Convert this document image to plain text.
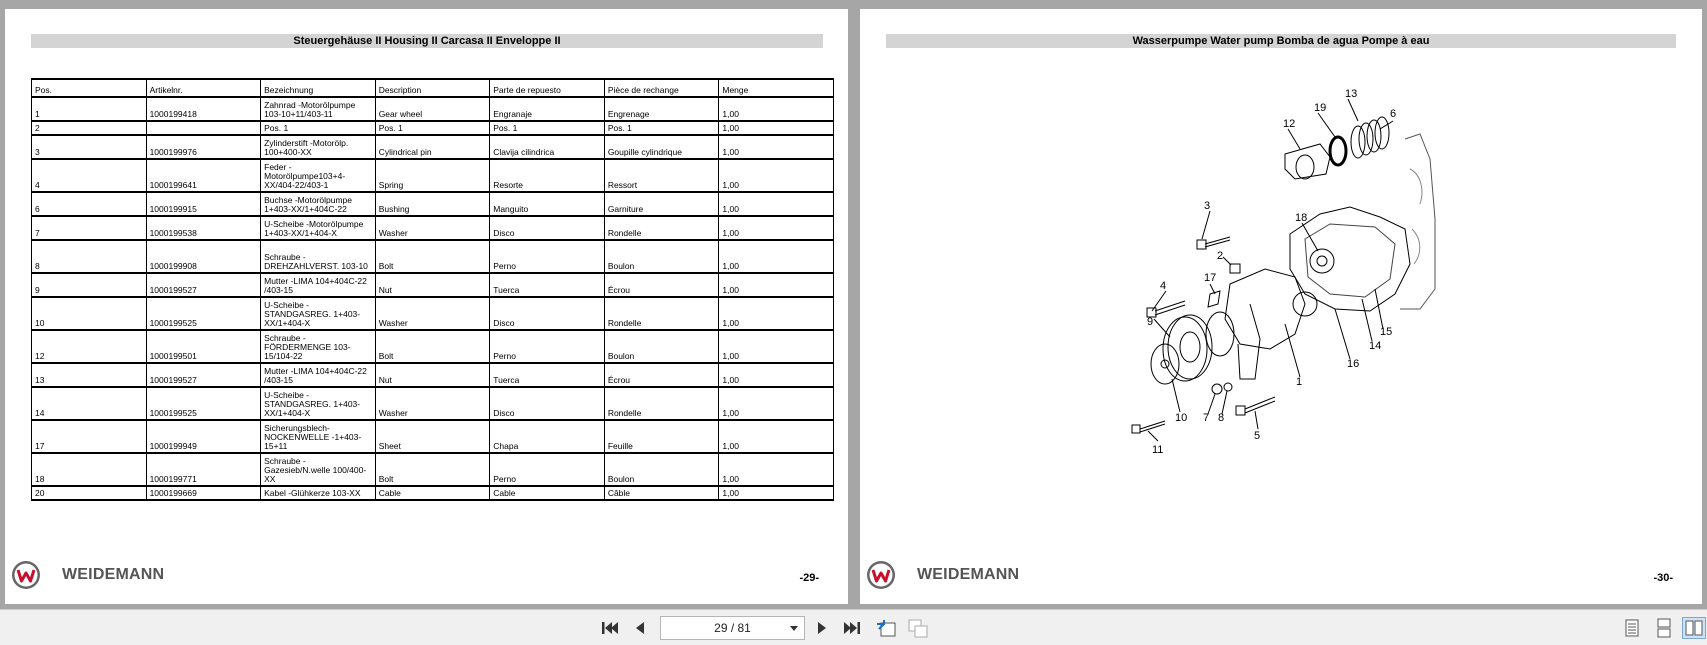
Steuergehäuse II Housing II Carcasa II Enveloppe II
Pos.	Artikelnr.	Bezeichnung	Description	Parte de repuesto	Pièce de rechange	Menge
1	1000199418	Zahnrad -Motorölpumpe 103-10+11/403-11	Gear wheel	Engranaje	Engrenage	1,00
2		Pos. 1	Pos. 1	Pos. 1	Pos. 1	1,00
3	1000199976	Zylinderstift -Motorölp. 100+400-XX	Cylindrical pin	Clavija cilindrica	Goupille cylindrique	1,00
4	1000199641	Feder - Motorölpumpe103+4-XX/404-22/403-1	Spring	Resorte	Ressort	1,00
6	1000199915	Buchse -Motorölpumpe 1+403-XX/1+404C-22	Bushing	Manguito	Garniture	1,00
7	1000199538	U-Scheibe -Motorölpumpe 1+403-XX/1+404-X	Washer	Disco	Rondelle	1,00
8	1000199908	Schraube - DREHZAHLVERST. 103-10	Bolt	Perno	Boulon	1,00
9	1000199527	Mutter -LIMA 104+404C-22 /403-15	Nut	Tuerca	Écrou	1,00
10	1000199525	U-Scheibe - STANDGASREG. 1+403-XX/1+404-X	Washer	Disco	Rondelle	1,00
12	1000199501	Schraube - FÖRDERMENGE 103-15/104-22	Bolt	Perno	Boulon	1,00
13	1000199527	Mutter -LIMA 104+404C-22 /403-15	Nut	Tuerca	Écrou	1,00
14	1000199525	U-Scheibe - STANDGASREG. 1+403-XX/1+404-X	Washer	Disco	Rondelle	1,00
17	1000199949	Sicherungsblech- NOCKENWELLE -1+403-15+11	Sheet	Chapa	Feuille	1,00
18	1000199771	Schraube - Gazesieb/N.welle 100/400-XX	Bolt	Perno	Boulon	1,00
20	1000199669	Kabel -Glühkerze 103-XX	Cable	Cable	Câble	1,00
WEIDEMANN	-29-
Wasserpumpe Water pump Bomba de agua Pompe à eau
13
19	6
12
3
18
2
4
17
9
15
14
16
1
10 7 8
5
11
WEIDEMANN	-30-
29 / 81
